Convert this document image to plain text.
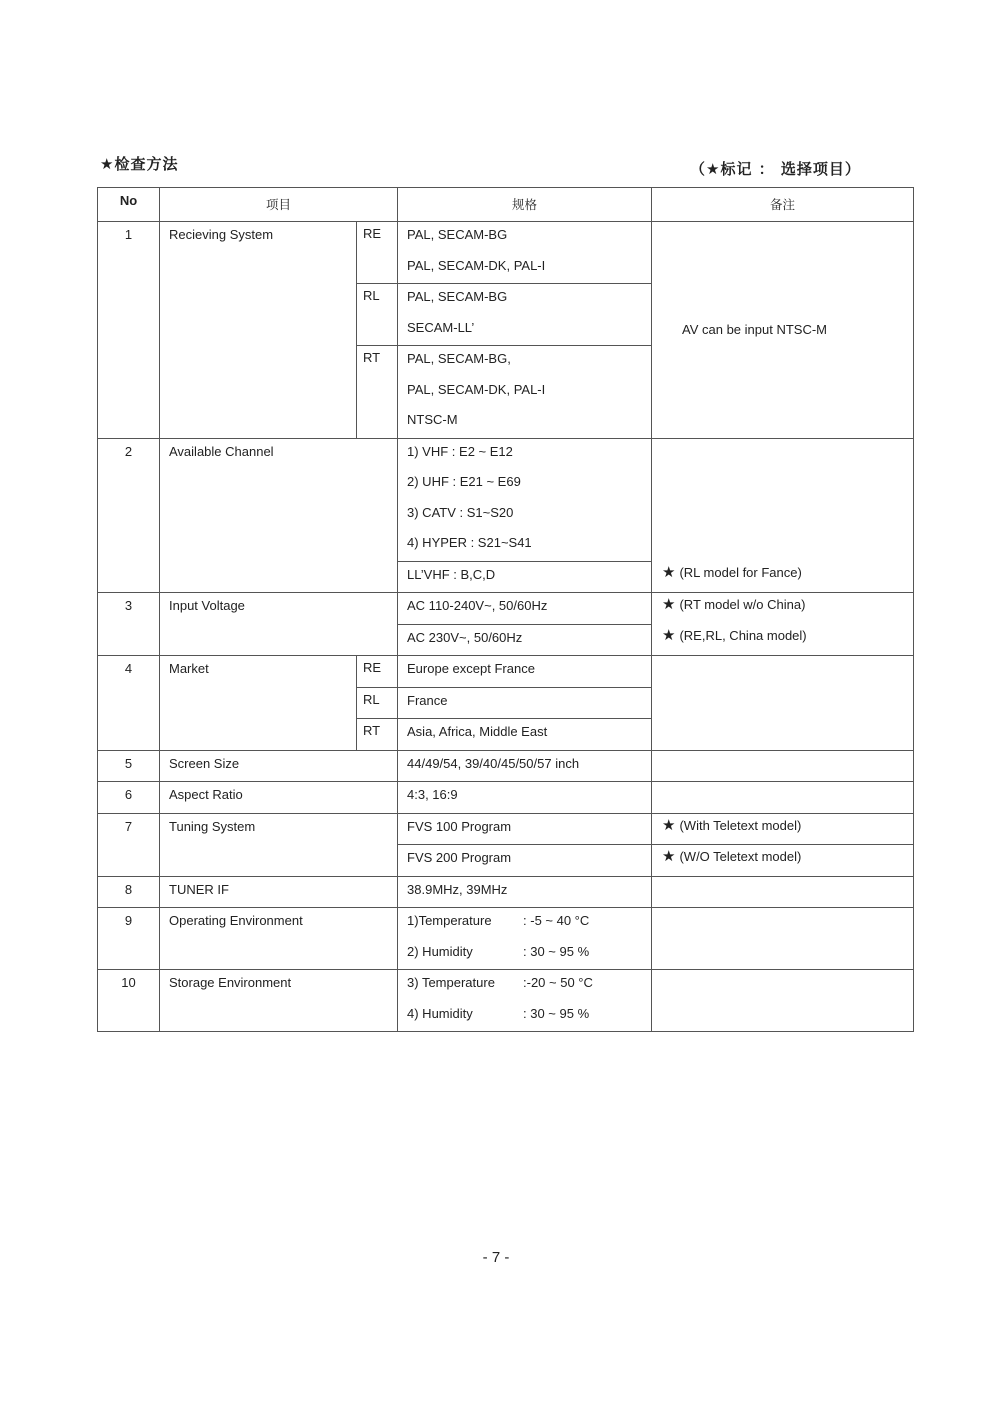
★检查方法	（★标记 ： 选择项目）
No	项目		规格	备注
1	Recieving System	RE	PAL, SECAM-BG	AV can be input NTSC-M
			PAL, SECAM-DK, PAL-I	
		RL	PAL, SECAM-BG	
			SECAM-LL’	
		RT	PAL, SECAM-BG,	
			PAL, SECAM-DK, PAL-I	
			NTSC-M	
2	Available Channel		1) VHF : E2 ~ E12	
			2) UHF : E21 ~ E69	
			3) CATV : S1~S20	
			4) HYPER : S21~S41	
			LL’VHF : B,C,D	★ (RL model for Fance)
3	Input Voltage		AC 110-240V~, 50/60Hz	★ (RT model w/o China)
			AC 230V~, 50/60Hz	★ (RE,RL, China model)
4	Market	RE	Europe except France	
		RL	France	
		RT	Asia, Africa, Middle East	
5	Screen Size		44/49/54, 39/40/45/50/57 inch	
6	Aspect Ratio		4:3, 16:9	
7	Tuning System		FVS 100 Program	★ (With Teletext model)
			FVS 200 Program	★ (W/O Teletext model)
8	TUNER IF		38.9MHz, 39MHz	
9	Operating Environment		1)Temperature : -5 ~ 40 °C	
			2) Humidity : 30 ~ 95 %	
10	Storage Environment		3) Temperature :-20 ~ 50 °C	
			4) Humidity : 30 ~ 95 %	
- 7 -
